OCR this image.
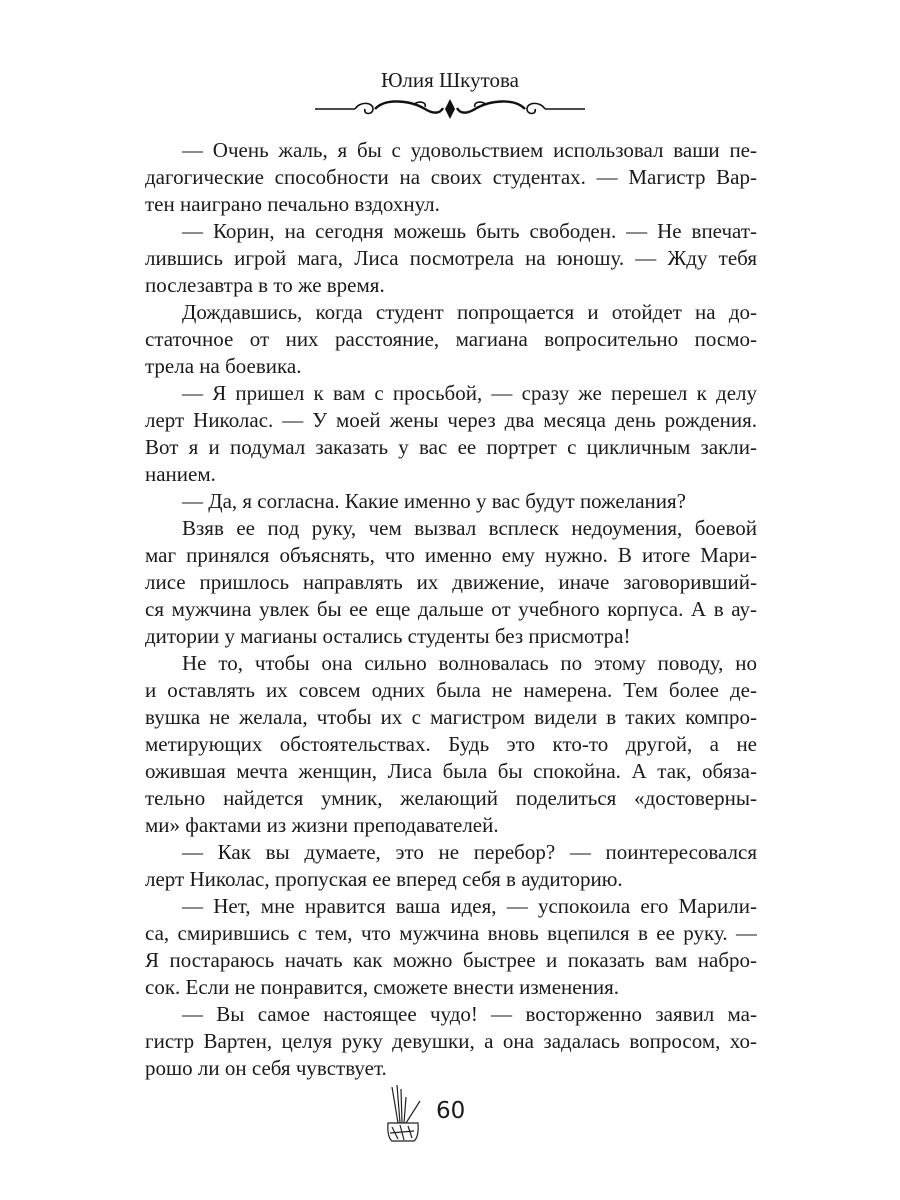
Юлия Шкутова
— Очень жаль, я бы с удовольствием использовал ваши пе-
дагогические способности на своих студентах. — Магистр Вар-
тен наиграно печально вздохнул.
— Корин, на сегодня можешь быть свободен. — Не впечат-
лившись игрой мага, Лиса посмотрела на юношу. — Жду тебя
послезавтра в то же время.
Дождавшись, когда студент попрощается и отойдет на до-
статочное от них расстояние, магиана вопросительно посмо-
трела на боевика.
— Я пришел к вам с просьбой, — сразу же перешел к делу
лерт Николас. — У моей жены через два месяца день рождения.
Вот я и подумал заказать у вас ее портрет с цикличным закли-
нанием.
— Да, я согласна. Какие именно у вас будут пожелания?
Взяв ее под руку, чем вызвал всплеск недоумения, боевой
маг принялся объяснять, что именно ему нужно. В итоге Мари-
лисе пришлось направлять их движение, иначе заговоривший-
ся мужчина увлек бы ее еще дальше от учебного корпуса. А в ау-
дитории у магианы остались студенты без присмотра!
Не то, чтобы она сильно волновалась по этому поводу, но
и оставлять их совсем одних была не намерена. Тем более де-
вушка не желала, чтобы их с магистром видели в таких компро-
метирующих обстоятельствах. Будь это кто-то другой, а не
ожившая мечта женщин, Лиса была бы спокойна. А так, обяза-
тельно найдется умник, желающий поделиться «достоверны-
ми» фактами из жизни преподавателей.
— Как вы думаете, это не перебор? — поинтересовался
лерт Николас, пропуская ее вперед себя в аудиторию.
— Нет, мне нравится ваша идея, — успокоила его Марили-
са, смирившись с тем, что мужчина вновь вцепился в ее руку. —
Я постараюсь начать как можно быстрее и показать вам набро-
сок. Если не понравится, сможете внести изменения.
— Вы самое настоящее чудо! — восторженно заявил ма-
гистр Вартен, целуя руку девушки, а она задалась вопросом, хо-
рошо ли он себя чувствует.
60
